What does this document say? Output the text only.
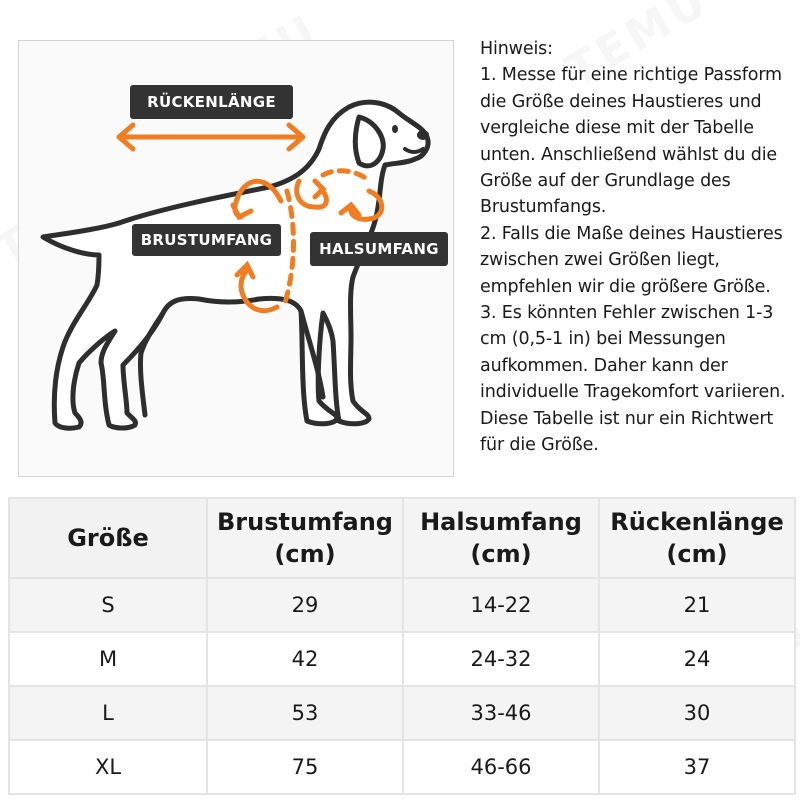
RÜCKENLÄNGE
BRUSTUMFANG	HALSUMFANG

Hinweis:

1. Messe für eine richtige Passform die Größe deines Haustieres und vergleiche diese mit der Tabelle unten. Anschließend wählst du die Größe auf der Grundlage des Brustumfangs.

2. Falls die Maße deines Haustieres zwischen zwei Größen liegt, empfehlen wir die größere Größe.

3. Es könnten Fehler zwischen 1-3 cm (0,5-1 in) bei Messungen aufkommen. Daher kann der individuelle Tragekomfort variieren.

Diese Tabelle ist nur ein Richtwert für die Größe.

Größe	Brustumfang (cm)	Halsumfang (cm)	Rückenlänge (cm)
S	29	14-22	21
M	42	24-32	24
L	53	33-46	30
XL	75	46-66	37
